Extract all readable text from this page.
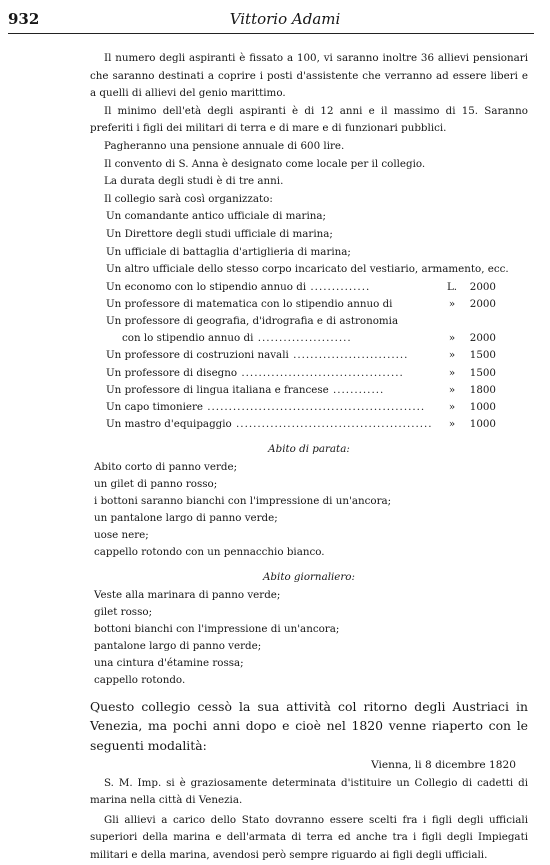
932	Vittorio Adami
Il numero degli aspiranti è fissato a 100, vi saranno inoltre 36 allievi pensionari che saranno destinati a coprire i posti d'assistente che verranno ad essere liberi e a quelli di allievi del genio marittimo.
Il minimo dell'età degli aspiranti è di 12 anni e il massimo di 15. Saranno preferiti i figli dei militari di terra e di mare e di funzionari pubblici.
Pagheranno una pensione annuale di 600 lire.
Il convento di S. Anna è designato come locale per il collegio.
La durata degli studi è di tre anni.
Il collegio sarà così organizzato:
Un comandante antico ufficiale di marina;
Un Direttore degli studi ufficiale di marina;
Un ufficiale di battaglia d'artiglieria di marina;
Un altro ufficiale dello stesso corpo incaricato del vestiario, armamento, ecc.
Un economo con lo stipendio annuo di ..............	L.	2000
Un professore di matematica con lo stipendio annuo di	»	2000
Un professore di geografia, d'idrografia e di astronomia
con lo stipendio annuo di ......................	»	2000
Un professore di costruzioni navali ...........................	»	1500
Un professore di disegno ......................................	»	1500
Un professore di lingua italiana e francese ............	»	1800
Un capo timoniere ...................................................	»	1000
Un mastro d'equipaggio ..............................................	»	1000
Abito di parata:
Abito corto di panno verde;
un gilet di panno rosso;
i bottoni saranno bianchi con l'impressione di un'ancora;
un pantalone largo di panno verde;
uose nere;
cappello rotondo con un pennacchio bianco.
Abito giornaliero:
Veste alla marinara di panno verde;
gilet rosso;
bottoni bianchi con l'impressione di un'ancora;
pantalone largo di panno verde;
una cintura d'étamine rossa;
cappello rotondo.
Questo collegio cessò la sua attività col ritorno degli Austriaci in Venezia, ma pochi anni dopo e cioè nel 1820 venne riaperto con le seguenti modalità:
Vienna, li 8 dicembre 1820
S. M. Imp. si è graziosamente determinata d'istituire un Collegio di cadetti di marina nella città di Venezia.
Gli allievi a carico dello Stato dovranno essere scelti fra i figli degli ufficiali superiori della marina e dell'armata di terra ed anche tra i figli degli Impiegati militari e della marina, avendosi però sempre riguardo ai figli degli ufficiali.
